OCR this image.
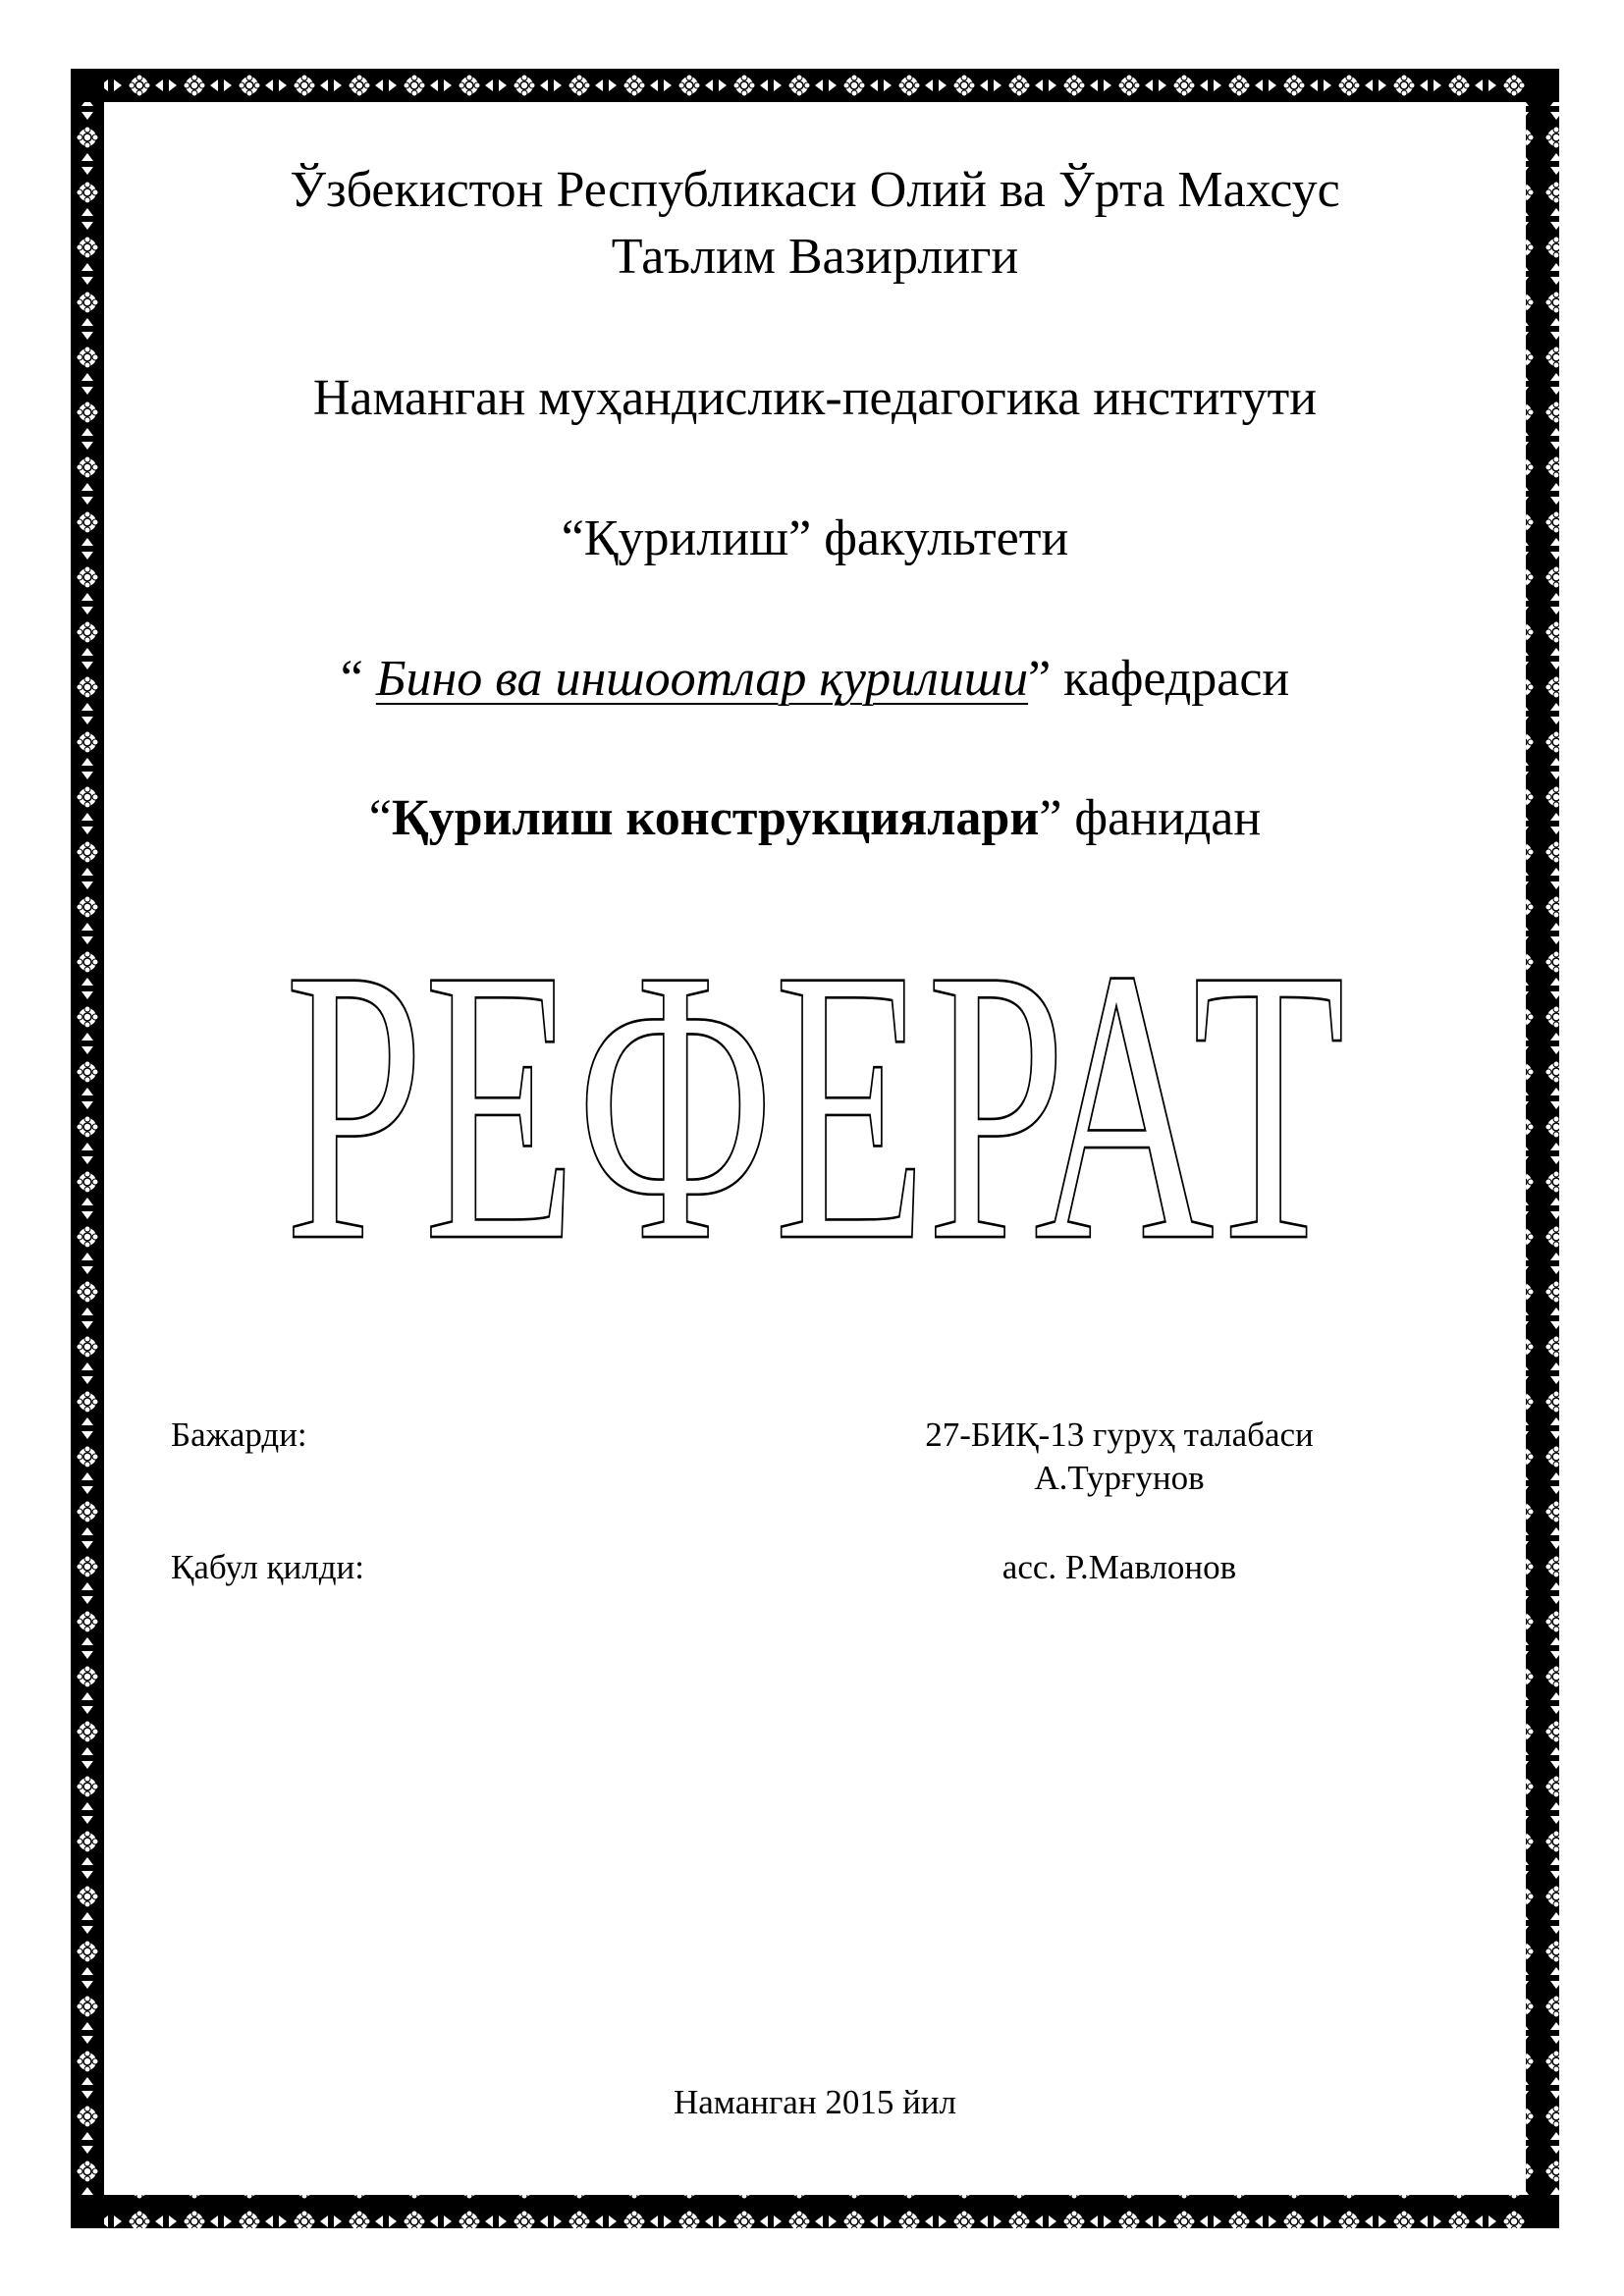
Ўзбекистон Республикаси Олий ва Ўрта Махсус
Таълим Вазирлиги
Наманган муҳандислик-педагогика институти
“Қурилиш” факультети
“ Бино ва иншоотлар қурилиши” кафедраси
“Қурилиш конструкциялари” фанидан
РЕФЕРАТ
Бажарди:	27-БИҚ-13 гуруҳ талабаси
А.Турғунов
Қабул қилди:	асс. Р.Мавлонов
Наманган 2015 йил
